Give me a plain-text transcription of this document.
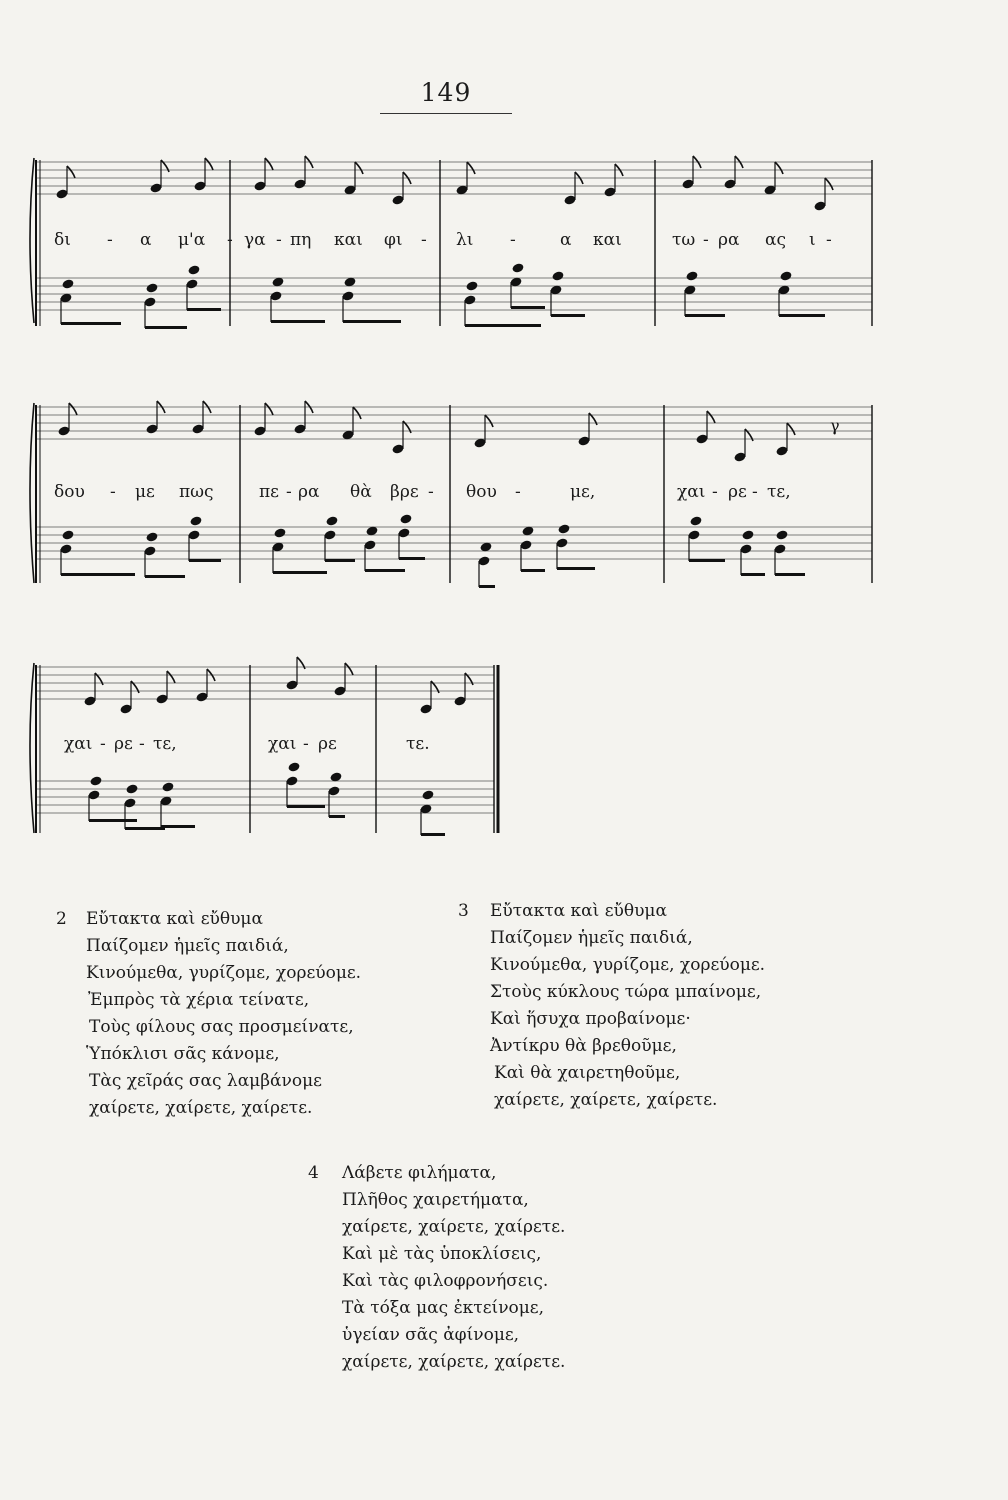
149
γ
δι - α μ'α - γα - πη και φι - λι -	α και	τω - ρα ας ι -
δου - με πως	πε - ρα θὰ βρε - θου -	με,	χαι - ρε - τε,
χαι - ρε - τε,	χαι - ρε	τε.
2 Εὔτακτα καὶ εὔθυμα
Παίζομεν ἡμεῖς παιδιά,
Κινούμεθα, γυρίζομε, χορεύομε.
Ἐμπρὸς τὰ χέρια τείνατε,
Τοὺς φίλους σας προσμείνατε,
Ὑπόκλισι σᾶς κάνομε,
Τὰς χεῖράς σας λαμβάνομε
χαίρετε, χαίρετε, χαίρετε.
3 Εὔτακτα καὶ εὔθυμα
Παίζομεν ἡμεῖς παιδιά,
Κινούμεθα, γυρίζομε, χορεύομε.
Στοὺς κύκλους τώρα μπαίνομε,
Καὶ ἥσυχα προβαίνομε·
Ἀντίκρυ θὰ βρεθοῦμε,
Καὶ θὰ χαιρετηθοῦμε,
χαίρετε, χαίρετε, χαίρετε.
4 Λάβετε φιλήματα,
Πλῆθος χαιρετήματα,
χαίρετε, χαίρετε, χαίρετε.
Καὶ μὲ τὰς ὑποκλίσεις,
Καὶ τὰς φιλοφρονήσεις.
Τὰ τόξα μας ἐκτείνομε,
ὑγείαν σᾶς ἀφίνομε,
χαίρετε, χαίρετε, χαίρετε.
